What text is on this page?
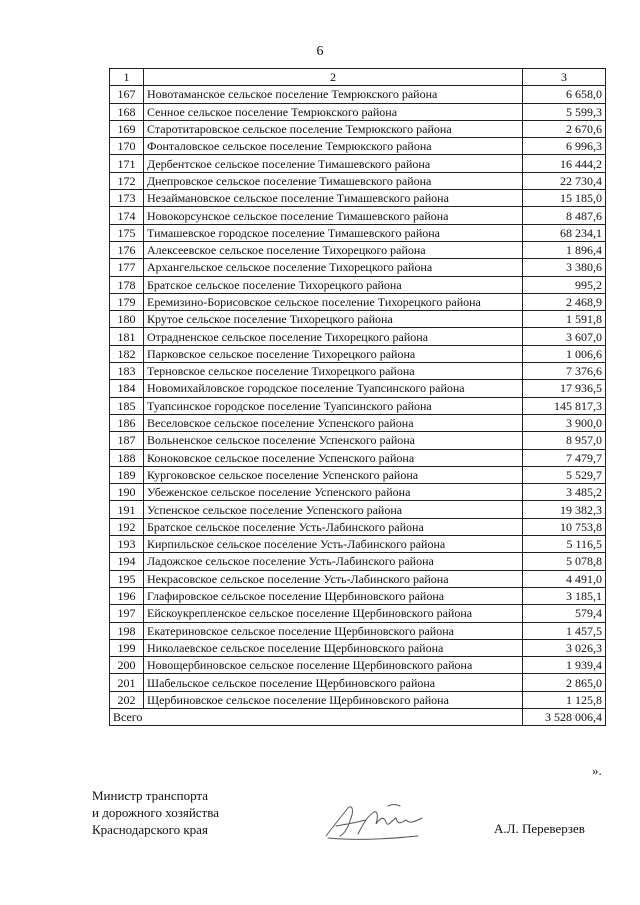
6
1	2	3
167	Новотаманское сельское поселение Темрюкского района	6 658,0
168	Сенное сельское поселение Темрюкского района	5 599,3
169	Старотитаровское сельское поселение Темрюкского района	2 670,6
170	Фонталовское сельское поселение Темрюкского района	6 996,3
171	Дербентское сельское поселение Тимашевского района	16 444,2
172	Днепровское сельское поселение Тимашевского района	22 730,4
173	Незаймановское сельское поселение Тимашевского района	15 185,0
174	Новокорсунское сельское поселение Тимашевского района	8 487,6
175	Тимашевское городское поселение Тимашевского района	68 234,1
176	Алексеевское сельское поселение Тихорецкого района	1 896,4
177	Архангельское сельское поселение Тихорецкого района	3 380,6
178	Братское сельское поселение Тихорецкого района	995,2
179	Еремизино-Борисовское сельское поселение Тихорецкого района	2 468,9
180	Крутое сельское поселение Тихорецкого района	1 591,8
181	Отрадненское сельское поселение Тихорецкого района	3 607,0
182	Парковское сельское поселение Тихорецкого района	1 006,6
183	Терновское сельское поселение Тихорецкого района	7 376,6
184	Новомихайловское городское поселение Туапсинского района	17 936,5
185	Туапсинское городское поселение Туапсинского района	145 817,3
186	Веселовское сельское поселение Успенского района	3 900,0
187	Вольненское сельское поселение Успенского района	8 957,0
188	Коноковское сельское поселение Успенского района	7 479,7
189	Кургоковское сельское поселение Успенского района	5 529,7
190	Убеженское сельское поселение Успенского района	3 485,2
191	Успенское сельское поселение Успенского района	19 382,3
192	Братское сельское поселение Усть-Лабинского района	10 753,8
193	Кирпильское сельское поселение Усть-Лабинского района	5 116,5
194	Ладожское сельское поселение Усть-Лабинского района	5 078,8
195	Некрасовское сельское поселение Усть-Лабинского района	4 491,0
196	Глафировское сельское поселение Щербиновского района	3 185,1
197	Ейскоукрепленское сельское поселение Щербиновского района	579,4
198	Екатериновское сельское поселение Щербиновского района	1 457,5
199	Николаевское сельское поселение Щербиновского района	3 026,3
200	Новощербиновское сельское поселение Щербиновского района	1 939,4
201	Шабельское сельское поселение Щербиновского района	2 865,0
202	Щербиновское сельское поселение Щербиновского района	1 125,8
Всего		3 528 006,4
».
Министр транспорта
и дорожного хозяйства
Краснодарского края	А.Л. Переверзев
